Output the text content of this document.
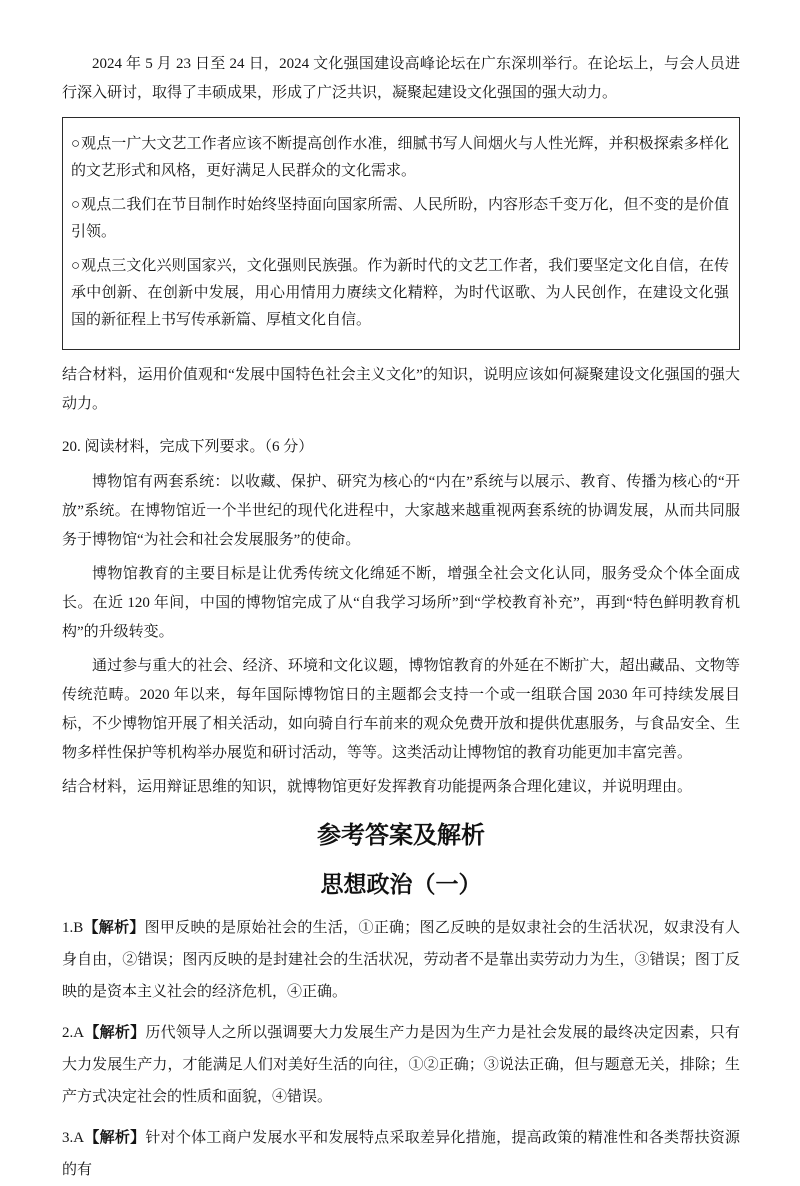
2024 年 5 月 23 日至 24 日，2024 文化强国建设高峰论坛在广东深圳举行。在论坛上，与会人员进行深入研讨，取得了丰硕成果，形成了广泛共识，凝聚起建设文化强国的强大动力。

○观点一广大文艺工作者应该不断提高创作水准，细腻书写人间烟火与人性光辉，并积极探索多样化的文艺形式和风格，更好满足人民群众的文化需求。

○观点二我们在节目制作时始终坚持面向国家所需、人民所盼，内容形态千变万化，但不变的是价值引领。

○观点三文化兴则国家兴，文化强则民族强。作为新时代的文艺工作者，我们要坚定文化自信，在传承中创新、在创新中发展，用心用情用力赓续文化精粹，为时代讴歌、为人民创作，在建设文化强国的新征程上书写传承新篇、厚植文化自信。

结合材料，运用价值观和“发展中国特色社会主义文化”的知识，说明应该如何凝聚建设文化强国的强大动力。

20. 阅读材料，完成下列要求。（6 分）

博物馆有两套系统：以收藏、保护、研究为核心的“内在”系统与以展示、教育、传播为核心的“开放”系统。在博物馆近一个半世纪的现代化进程中，大家越来越重视两套系统的协调发展，从而共同服务于博物馆“为社会和社会发展服务”的使命。

博物馆教育的主要目标是让优秀传统文化绵延不断，增强全社会文化认同，服务受众个体全面成长。在近 120 年间，中国的博物馆完成了从“自我学习场所”到“学校教育补充”，再到“特色鲜明教育机构”的升级转变。

通过参与重大的社会、经济、环境和文化议题，博物馆教育的外延在不断扩大，超出藏品、文物等传统范畴。2020 年以来，每年国际博物馆日的主题都会支持一个或一组联合国 2030 年可持续发展目标，不少博物馆开展了相关活动，如向骑自行车前来的观众免费开放和提供优惠服务，与食品安全、生物多样性保护等机构举办展览和研讨活动，等等。这类活动让博物馆的教育功能更加丰富完善。

结合材料，运用辩证思维的知识，就博物馆更好发挥教育功能提两条合理化建议，并说明理由。

参考答案及解析
思想政治（一）

1.B【解析】图甲反映的是原始社会的生活，①正确；图乙反映的是奴隶社会的生活状况，奴隶没有人身自由，②错误；图丙反映的是封建社会的生活状况，劳动者不是靠出卖劳动力为生，③错误；图丁反映的是资本主义社会的经济危机，④正确。

2.A【解析】历代领导人之所以强调要大力发展生产力是因为生产力是社会发展的最终决定因素，只有大力发展生产力，才能满足人们对美好生活的向往，①②正确；③说法正确，但与题意无关，排除；生产方式决定社会的性质和面貌，④错误。

3.A【解析】针对个体工商户发展水平和发展特点采取差异化措施，提高政策的精准性和各类帮扶资源的有
